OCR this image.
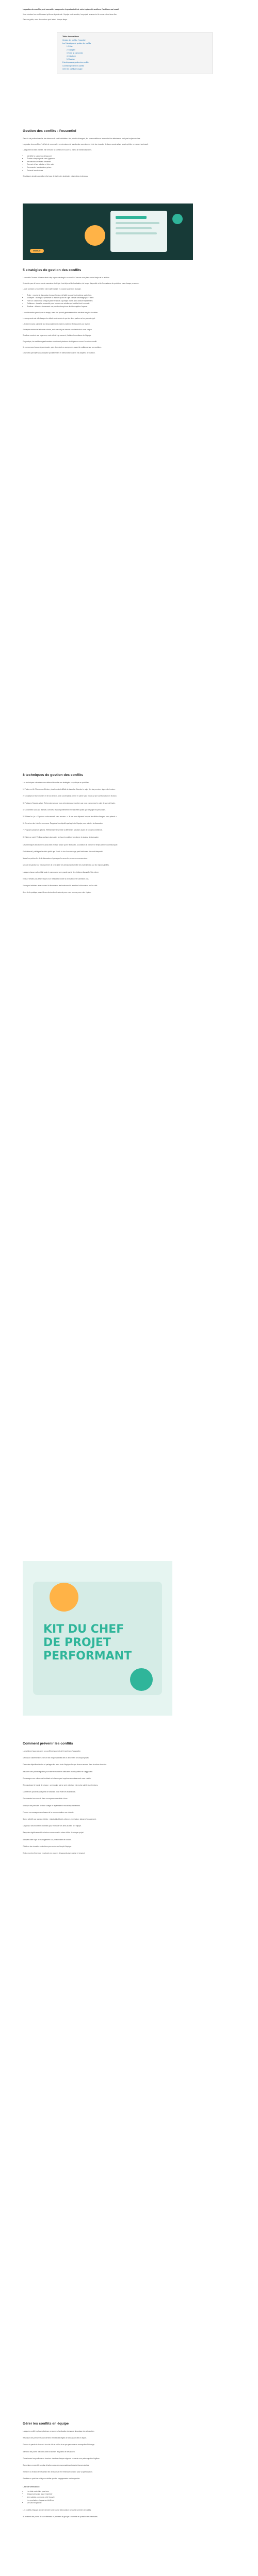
La gestion des conflits peut vous aider à augmenter la productivité de votre équipe et à améliorer l'ambiance au travail.

Vous résolvez les conflits avant qu'ils ne dégénèrent : l'équipe reste soudée, les projets avancent et le moral est au beau fixe.

Dans ce guide, vous découvrirez quoi faire à chaque étape.

Table des matières
Gestion des conflits : l'essentiel
Les 5 stratégies de gestion des conflits
1. Éviter
2. S'adapter
3. Faire un compromis
4. Collaborer
5. Rivaliser
8 techniques de gestion des conflits
Comment prévenir les conflits
Gérer les conflits en équipe
Gestion des conflits : l'essentiel

Dans la vie professionnelle, les désaccords sont inévitables : les priorités divergent, les personnalités se heurtent et les attentes ne sont pas toujours claires.

La gestion des conflits, c'est l'art de reconnaître ces tensions, de les aborder ouvertement et de les résoudre de façon constructive, avant qu'elles ne nuisent au travail.

Lorsqu'elle est bien menée, elle renforce la confiance et ouvre la voie à de meilleures idées.

• Identifier la source du désaccord
• Écouter chaque partie sans jugement
• Rechercher un terrain d'entente
• Convenir d'une solution et d'un suivi
• Documenter les décisions prises
• Prévenir les récidives

Ces étapes simples constituent la base de toutes les stratégies présentées ci-dessous.

GRATUIT
5 stratégies de gestion des conflits

Le modèle Thomas-Kilmann décrit cinq façons de réagir à un conflit. Chacune a sa place selon l'enjeu et la relation.

Il n'existe pas de bonne ou de mauvaise stratégie : tout dépend de la situation, du temps disponible et de l'importance du problème pour chaque personne.

La clé consiste à reconnaître votre style naturel et à savoir quand en changer.

• Éviter : reporter la discussion lorsque l'enjeu est faible ou que les émotions sont vives.
• S'adapter : céder pour préserver la relation quand le sujet compte davantage pour l'autre.
• Faire un compromis : chaque partie renonce à quelque chose pour avancer rapidement.
• Collaborer : travailler ensemble pour trouver une solution qui satisfait tout le monde.
• Rivaliser : défendre fermement une position lorsqu'une décision rapide s'impose.

La collaboration prend plus de temps, mais elle produit généralement les résultats les plus durables.

Le compromis est utile lorsque les délais sont serrés et que les deux parties ont un pouvoir égal.

L'évitement peut calmer le jeu temporairement, mais le problème finit souvent par revenir.

S'adapter montre de la bonne volonté, mais ne doit pas devenir une habitude à sens unique.

Rivaliser convient aux urgences, mais utilisé trop souvent, il abîme la confiance de l'équipe.

En pratique, les meilleurs gestionnaires combinent plusieurs stratégies au cours d'un même conflit.

Ils commencent souvent par écouter, puis cherchent un compromis, avant de collaborer sur une solution.

Observez quel style vous adoptez spontanément et demandez-vous s'il est adapté à la situation.

8 techniques de gestion des conflits

Les techniques suivantes vous aideront à mettre ces stratégies en pratique au quotidien.

1. Parlez-en tôt. Plus un conflit dure, plus il devient difficile à résoudre. Abordez le sujet dès les premiers signes de tension.

2. Choisissez le bon moment et le bon endroit. Une conversation privée et calme vaut mieux qu'une confrontation en réunion.

3. Pratiquez l'écoute active. Reformulez ce que vous entendez pour montrer que vous comprenez le point de vue de l'autre.

4. Concentrez-vous sur les faits. Décrivez les comportements et leurs effets plutôt que de juger les personnes.

5. Utilisez le « je ». Exprimez votre ressenti sans accuser : « Je me sens dépassé lorsque les délais changent sans préavis. »

6. Cherchez des intérêts communs. Rappelez les objectifs partagés de l'équipe pour orienter la discussion.

7. Proposez plusieurs options. Réfléchissez ensemble à différentes solutions avant de choisir la meilleure.

8. Faites un suivi. Vérifiez quelques jours plus tard que la solution fonctionne et ajustez si nécessaire.

Ces techniques fonctionnent aussi bien en face à face qu'en télétravail, à condition de prendre le temps de bien communiquer.

En télétravail, privilégiez la vidéo plutôt que l'écrit : le ton d'un message peut facilement être mal interprété.

Notez les points clés de la discussion et partagez-les avec les personnes concernées.

Un outil de gestion du travail permet de centraliser les décisions et d'éviter les malentendus sur les responsabilités.

Lorsque chacun sait qui fait quoi et pour quand, une grande partie des frictions disparaît d'elle-même.

Enfin, n'hésitez pas à faire appel à un médiateur neutre si la situation ne s'améliore pas.

Un regard extérieur aide souvent à désamorcer les tensions et à remettre la discussion sur les rails.

Avec de la pratique, ces réflexes deviendront naturels pour vous comme pour votre équipe.

KIT DU CHEF
DE PROJET
PERFORMANT
Comment prévenir les conflits

La meilleure façon de gérer un conflit est souvent de l'empêcher d'apparaître.

Définissez clairement les rôles et les responsabilités dès le lancement de chaque projet.

Fixez des objectifs réalistes et partagez-les avec toute l'équipe afin que chacun avance dans la même direction.

Instaurez des points réguliers pour faire remonter les difficultés avant qu'elles ne s'aggravent.

Encouragez une culture de feedback où chacun peut exprimer son désaccord sans crainte.

Reconnaissez le travail de chacun : une équipe qui se sent valorisée est moins sujette aux tensions.

Clarifiez les processus de prise de décision pour éviter les frustrations.

Documentez les accords dans un espace accessible à tous.

Anticipez les périodes de forte charge et répartissez le travail équitablement.

Formez vos managers aux bases de la communication non violente.

Soyez attentif aux signaux faibles : retards inhabituels, silences en réunion, baisse d'engagement.

Organisez des moments informels pour renforcer les liens au sein de l'équipe.

Rappelez régulièrement la mission commune et la raison d'être de chaque projet.

Adaptez votre style de management à la personnalité de chacun.

Célébrez les réussites collectives pour renforcer l'esprit d'équipe.

Enfin, montrez l'exemple en gérant vos propres désaccords avec calme et respect.

Gérer les conflits en équipe

Lorsqu'un conflit implique plusieurs personnes, la situation demande davantage de préparation.

Réunissez les personnes concernées et fixez des règles de discussion dès le départ.

Donnez la parole à chacun à tour de rôle et veillez à ce que personne ne monopolise l'échange.

Identifiez les points d'accord avant d'aborder les points de désaccord.

Transformez les positions en besoins : derrière chaque exigence se cache une préoccupation légitime.

Construisez ensemble un plan d'action avec des responsables et des échéances claires.

Terminez la réunion en résumant les décisions et en remerciant chacun pour sa participation.

Planifiez un point de suivi pour vérifier que les engagements sont respectés.

Liste de vérification :

• Les faits sont clairs pour tous
• Chaque personne a pu s'exprimer
• Une solution commune a été trouvée
• Les prochaines étapes sont définies
• Un suivi est planifié

Les conflits d'équipe peuvent devenir une source d'innovation lorsqu'ils sont bien encadrés.

Ils révèlent des points de vue différents et poussent le groupe à remettre en question ses habitudes.
